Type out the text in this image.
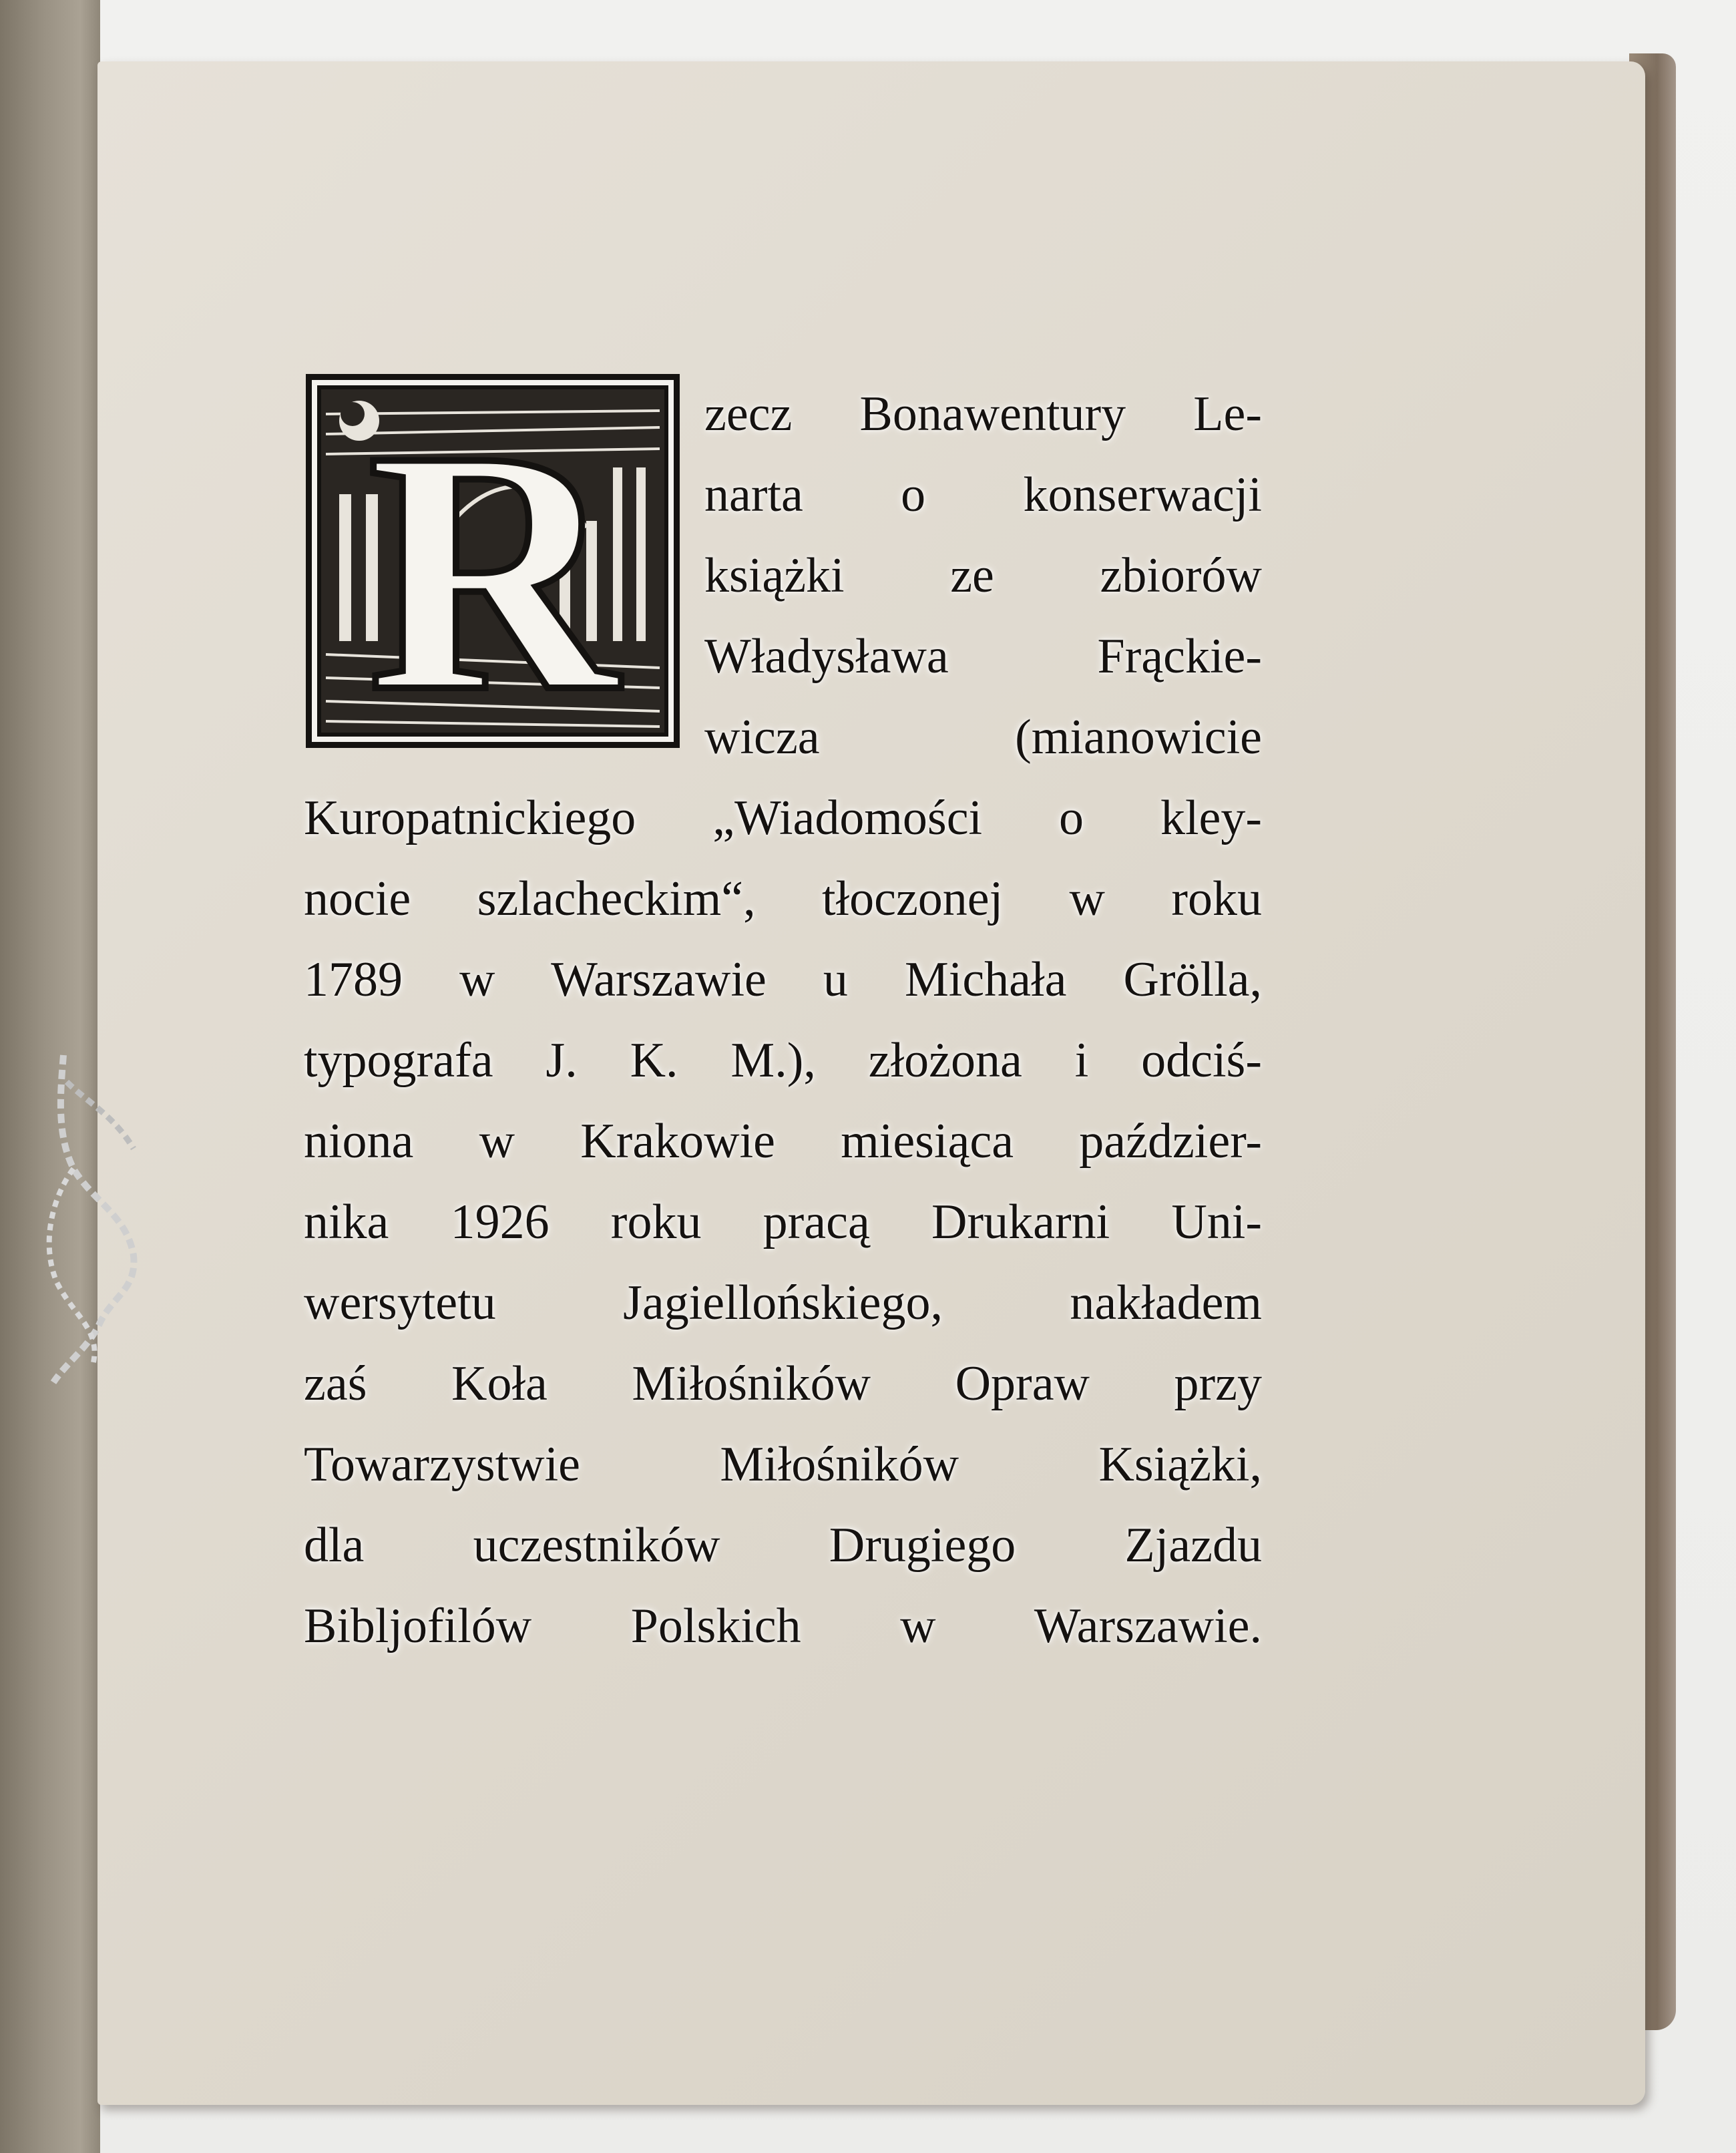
R zecz Bonawentury Le-
narta o konserwacji
książki ze zbiorów
Władysława Frąckie-
wicza (mianowicie
Kuropatnickiego „Wiadomości o kley-
nocie szlacheckim“, tłoczonej w roku
1789 w Warszawie u Michała Grölla,
typografa J. K. M.), złożona i odciś-
niona w Krakowie miesiąca paździer-
nika 1926 roku pracą Drukarni Uni-
wersytetu Jagiellońskiego, nakładem
zaś Koła Miłośników Opraw przy
Towarzystwie Miłośników Książki,
dla uczestników Drugiego Zjazdu
Bibljofilów Polskich w Warszawie.
